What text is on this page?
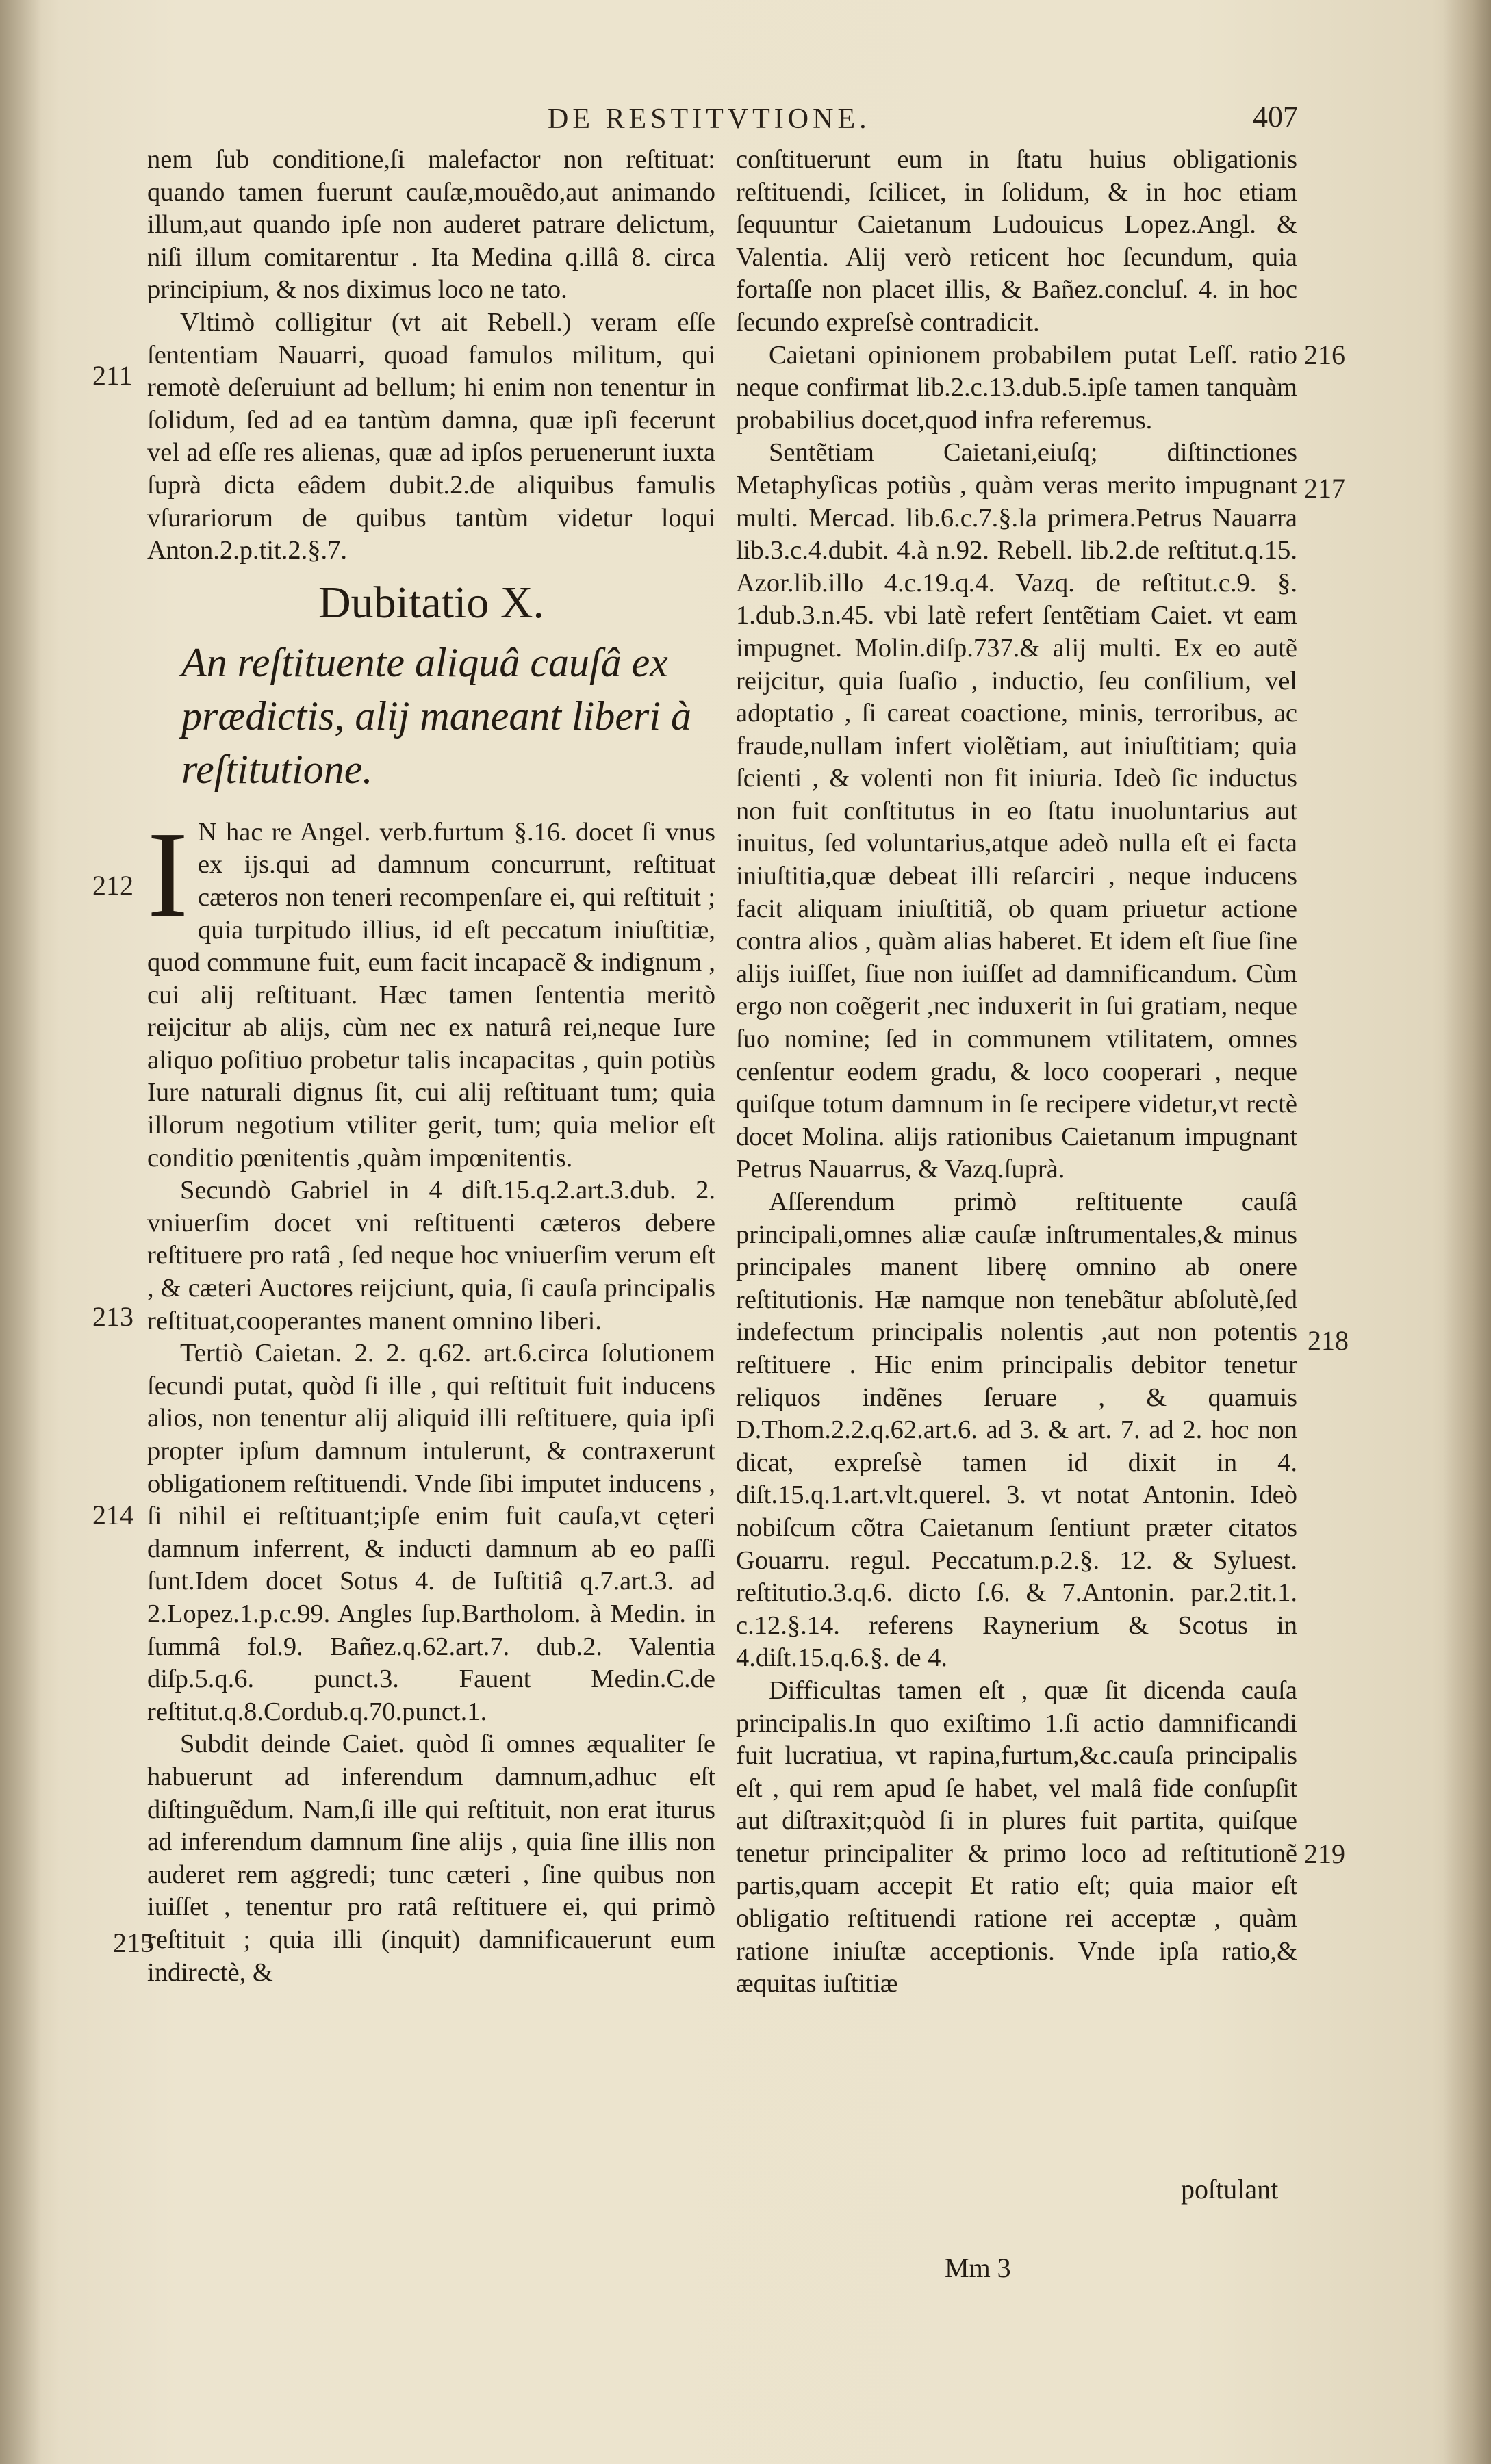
DE RESTITVTIONE.	407

nem ſub conditione,ſi malefactor non reſtituat: quando tamen fuerunt cauſæ,mouẽdo,aut animando illum,aut quando ipſe non auderet patrare delictum, niſi illum comitarentur . Ita Medina q.illâ 8. circa principium, & nos diximus loco ne tato.

Vltimò colligitur (vt ait Rebell.) veram eſſe ſententiam Nauarri, quoad famulos militum, qui remotè deſeruiunt ad bellum; hi enim non tenentur in ſolidum, ſed ad ea tantùm damna, quæ ipſi fecerunt vel ad eſſe res alienas, quæ ad ipſos peruenerunt iuxta ſuprà dicta eâdem dubit.2.de aliquibus famulis vſurariorum de quibus tantùm videtur loqui Anton.2.p.tit.2.§.7.

Dubitatio X.
An reſtituente aliquâ cauſâ ex prædictis, alij maneant liberi à reſtitutione.

I N hac re Angel. verb.furtum §.16. docet ſi vnus ex ijs.qui ad damnum concurrunt, reſtituat cæteros non teneri recompenſare ei, qui reſtituit ; quia turpitudo illius, id eſt peccatum iniuſtitiæ, quod commune fuit, eum facit incapacẽ & indignum , cui alij reſtituant. Hæc tamen ſententia meritò reijcitur ab alijs, cùm nec ex naturâ rei,neque Iure aliquo poſitiuo probetur talis incapacitas , quin potiùs Iure naturali dignus ſit, cui alij reſtituant tum; quia illorum negotium vtiliter gerit, tum; quia melior eſt conditio pœnitentis ,quàm impœnitentis.

Secundò Gabriel in 4 diſt.15.q.2.art.3.dub. 2. vniuerſim docet vni reſtituenti cæteros debere reſtituere pro ratâ , ſed neque hoc vniuerſim verum eſt , & cæteri Auctores reijciunt, quia, ſi cauſa principalis reſtituat,cooperantes manent omnino liberi.

Tertiò Caietan. 2. 2. q.62. art.6.circa ſolutionem ſecundi putat, quòd ſi ille , qui reſtituit fuit inducens alios, non tenentur alij aliquid illi reſtituere, quia ipſi propter ipſum damnum intulerunt, & contraxerunt obligationem reſtituendi. Vnde ſibi imputet inducens , ſi nihil ei reſtituant;ipſe enim fuit cauſa,vt cęteri damnum inferrent, & inducti damnum ab eo paſſi ſunt.Idem docet Sotus 4. de Iuſtitiâ q.7.art.3. ad 2.Lopez.1.p.c.99. Angles ſup.Bartholom. à Medin. in ſummâ fol.9. Bañez.q.62.art.7. dub.2. Valentia diſp.5.q.6. punct.3. Fauent Medin.C.de reſtitut.q.8.Cordub.q.70.punct.1.

Subdit deinde Caiet. quòd ſi omnes æqualiter ſe habuerunt ad inferendum damnum,adhuc eſt diſtinguẽdum. Nam,ſi ille qui reſtituit, non erat iturus ad inferendum damnum ſine alijs , quia ſine illis non auderet rem aggredi; tunc cæteri , ſine quibus non iuiſſet , tenentur pro ratâ reſtituere ei, qui primò reſtituit ; quia illi (inquit) damnificauerunt eum indirectè, &

conſtituerunt eum in ſtatu huius obligationis reſtituendi, ſcilicet, in ſolidum, & in hoc etiam ſequuntur Caietanum Ludouicus Lopez.Angl. & Valentia. Alij verò reticent hoc ſecundum, quia fortaſſe non placet illis, & Bañez.concluſ. 4. in hoc ſecundo expreſsè contradicit.

Caietani opinionem probabilem putat Leſſ. ratio neque confirmat lib.2.c.13.dub.5.ipſe tamen tanquàm probabilius docet,quod infra referemus.

Sentẽtiam Caietani,eiuſq; diſtinctiones Metaphyſicas potiùs , quàm veras merito impugnant multi. Mercad. lib.6.c.7.§.la primera.Petrus Nauarra lib.3.c.4.dubit. 4.à n.92. Rebell. lib.2.de reſtitut.q.15. Azor.lib.illo 4.c.19.q.4. Vazq. de reſtitut.c.9. §. 1.dub.3.n.45. vbi latè refert ſentẽtiam Caiet. vt eam impugnet. Molin.diſp.737.& alij multi. Ex eo autẽ reijcitur, quia ſuaſio , inductio, ſeu conſilium, vel adoptatio , ſi careat coactione, minis, terroribus, ac fraude,nullam infert violẽtiam, aut iniuſtitiam; quia ſcienti , & volenti non fit iniuria. Ideò ſic inductus non fuit conſtitutus in eo ſtatu inuoluntarius aut inuitus, ſed voluntarius,atque adeò nulla eſt ei facta iniuſtitia,quæ debeat illi reſarciri , neque inducens facit aliquam iniuſtitiã, ob quam priuetur actione contra alios , quàm alias haberet. Et idem eſt ſiue ſine alijs iuiſſet, ſiue non iuiſſet ad damnificandum. Cùm ergo non coẽgerit ,nec induxerit in ſui gratiam, neque ſuo nomine; ſed in communem vtilitatem, omnes cenſentur eodem gradu, & loco cooperari , neque quiſque totum damnum in ſe recipere videtur,vt rectè docet Molina. alijs rationibus Caietanum impugnant Petrus Nauarrus, & Vazq.ſuprà.

Aſſerendum primò reſtituente cauſâ principali,omnes aliæ cauſæ inſtrumentales,& minus principales manent liberę omnino ab onere reſtitutionis. Hæ namque non tenebãtur abſolutè,ſed indefectum principalis nolentis ,aut non potentis reſtituere . Hic enim principalis debitor tenetur reliquos indẽnes ſeruare , & quamuis D.Thom.2.2.q.62.art.6. ad 3. & art. 7. ad 2. hoc non dicat, expreſsè tamen id dixit in 4. diſt.15.q.1.art.vlt.querel. 3. vt notat Antonin. Ideò nobiſcum cõtra Caietanum ſentiunt præter citatos Gouarru. regul. Peccatum.p.2.§. 12. & Syluest. reſtitutio.3.q.6. dicto ſ.6. & 7.Antonin. par.2.tit.1. c.12.§.14. referens Raynerium & Scotus in 4.diſt.15.q.6.§. de 4.

Difficultas tamen eſt , quæ ſit dicenda cauſa principalis.In quo exiſtimo 1.ſi actio damnificandi fuit lucratiua, vt rapina,furtum,&c.cauſa principalis eſt , qui rem apud ſe habet, vel malâ fide conſupſit aut diſtraxit;quòd ſi in plures fuit partita, quiſque tenetur principaliter & primo loco ad reſtitutionẽ partis,quam accepit Et ratio eſt; quia maior eſt obligatio reſtituendi ratione rei acceptæ , quàm ratione iniuſtæ acceptionis. Vnde ipſa ratio,& æquitas iuſtitiæ

211
212
213
214
215
216
217
218
219
Mm 3
poſtulant
